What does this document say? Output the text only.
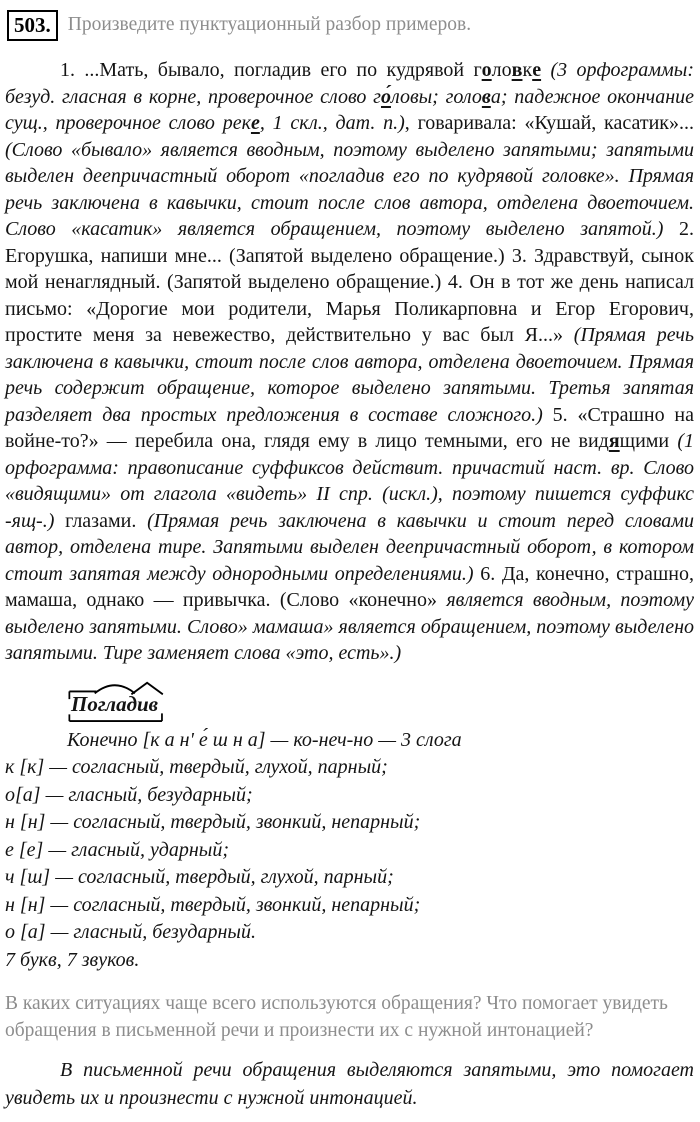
503. Произведите пунктуационный разбор примеров.

1. ...Мать, бывало, погладив его по кудрявой головке (3 орфограммы: безуд. гласная в корне, проверочное слово го́ловы; голова; падежное окончание сущ., проверочное слово реке, 1 скл., дат. п.), говаривала: «Кушай, касатик»... (Слово «бывало» является вводным, поэтому выделено запятыми; запятыми выделен деепричастный оборот «погладив его по кудрявой головке». Прямая речь заключена в кавычки, стоит после слов автора, отделена двоеточием. Слово «касатик» является обращением, поэтому выделено запятой.) 2. Егорушка, напиши мне... (Запятой выделено обращение.) 3. Здравствуй, сынок мой ненаглядный. (Запятой выделено обращение.) 4. Он в тот же день написал письмо: «Дорогие мои родители, Марья Поликарповна и Егор Егорович, простите меня за невежество, действительно у вас был Я...» (Прямая речь заключена в кавычки, стоит после слов автора, отделена двоеточием. Прямая речь содержит обращение, которое выделено запятыми. Третья запятая разделяет два простых предложения в составе сложного.) 5. «Страшно на войне-то?» — перебила она, глядя ему в лицо темными, его не видящими (1 орфограмма: правописание суффиксов действит. причастий наст. вр. Слово «видящими» от глагола «видеть» II спр. (искл.), поэтому пишется суффикс -ящ-.) глазами. (Прямая речь заключена в кавычки и стоит перед словами автор, отделена тире. Запятыми выделен деепричастный оборот, в котором стоит запятая между однородными определениями.) 6. Да, конечно, страшно, мамаша, однако — привычка. (Слово «конечно» является вводным, поэтому выделено запятыми. Слово» мамаша» является обращением, поэтому выделено запятыми. Тире заменяет слова «это, есть».)

Погладив
Конечно [к а н' е́ ш н а] — ко-неч-но — 3 слога
к [к] — согласный, твердый, глухой, парный;
о[а] — гласный, безударный;
н [н] — согласный, твердый, звонкий, непарный;
е [е] — гласный, ударный;
ч [ш] — согласный, твердый, глухой, парный;
н [н] — согласный, твердый, звонкий, непарный;
о [а] — гласный, безударный.
7 букв, 7 звуков.
В каких ситуациях чаще всего используются обращения? Что помогает увидеть обращения в письменной речи и произнести их с нужной интонацией?
В письменной речи обращения выделяются запятыми, это помогает увидеть их и произнести с нужной интонацией.
